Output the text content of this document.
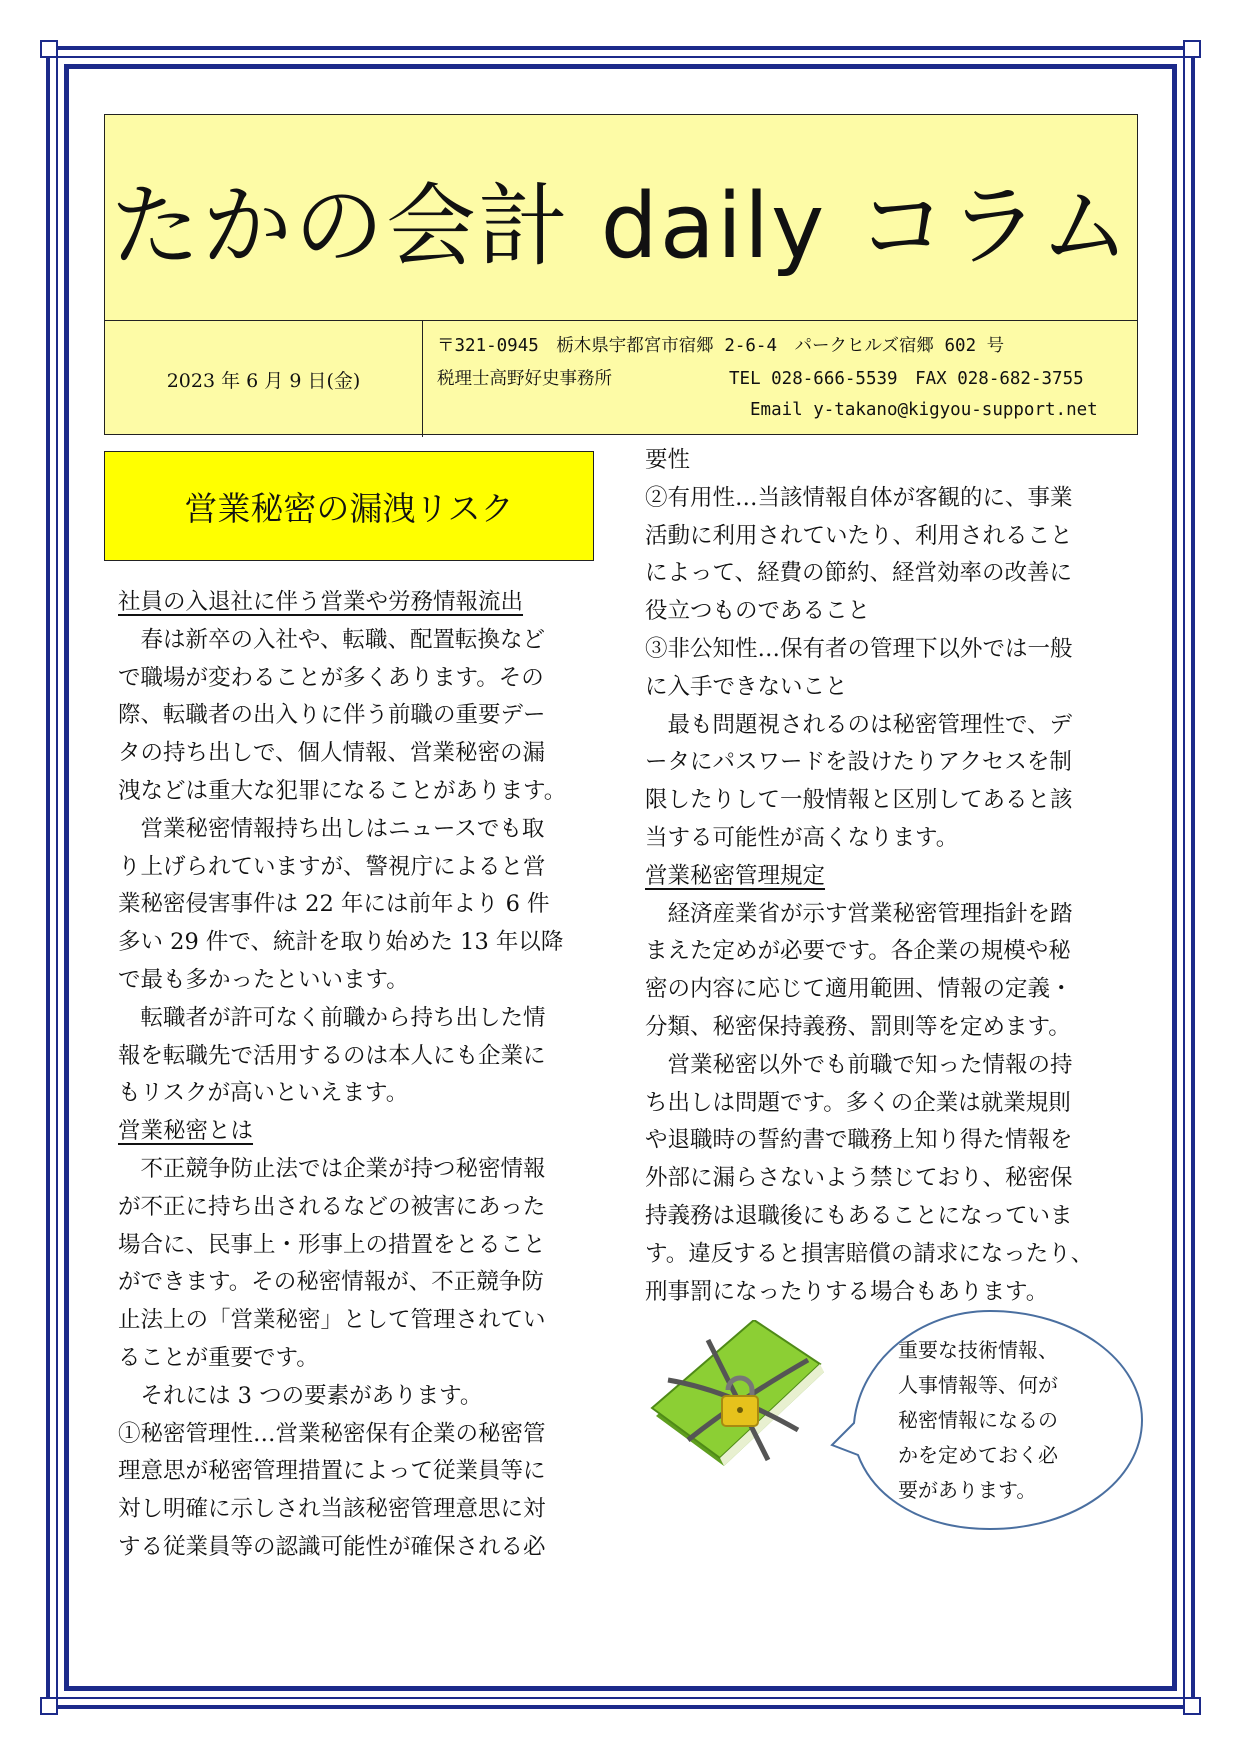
たかの会計 daily コラム
2023 年 6 月 9 日(金)
〒321-0945　栃木県宇都宮市宿郷 2-6-4　パークヒルズ宿郷 602 号
税理士高野好史事務所	TEL 028-666-5539　FAX 028-682-3755
Email y-takano@kigyou-support.net
営業秘密の漏洩リスク

社員の入退社に伴う営業や労務情報流出

　春は新卒の入社や、転職、配置転換など

で職場が変わることが多くあります。その

際、転職者の出入りに伴う前職の重要デー

タの持ち出しで、個人情報、営業秘密の漏

洩などは重大な犯罪になることがあります。

　営業秘密情報持ち出しはニュースでも取

り上げられていますが、警視庁によると営

業秘密侵害事件は 22 年には前年より 6 件

多い 29 件で、統計を取り始めた 13 年以降

で最も多かったといいます。

　転職者が許可なく前職から持ち出した情

報を転職先で活用するのは本人にも企業に

もリスクが高いといえます。

営業秘密とは

　不正競争防止法では企業が持つ秘密情報

が不正に持ち出されるなどの被害にあった

場合に、民事上・形事上の措置をとること

ができます。その秘密情報が、不正競争防

止法上の「営業秘密」として管理されてい

ることが重要です。

　それには 3 つの要素があります。

①秘密管理性…営業秘密保有企業の秘密管

理意思が秘密管理措置によって従業員等に

対し明確に示しされ当該秘密管理意思に対

する従業員等の認識可能性が確保される必

要性

②有用性…当該情報自体が客観的に、事業

活動に利用されていたり、利用されること

によって、経費の節約、経営効率の改善に

役立つものであること

③非公知性…保有者の管理下以外では一般

に入手できないこと

　最も問題視されるのは秘密管理性で、デ

ータにパスワードを設けたりアクセスを制

限したりして一般情報と区別してあると該

当する可能性が高くなります。

営業秘密管理規定

　経済産業省が示す営業秘密管理指針を踏

まえた定めが必要です。各企業の規模や秘

密の内容に応じて適用範囲、情報の定義・

分類、秘密保持義務、罰則等を定めます。

　営業秘密以外でも前職で知った情報の持

ち出しは問題です。多くの企業は就業規則

や退職時の誓約書で職務上知り得た情報を

外部に漏らさないよう禁じており、秘密保

持義務は退職後にもあることになっていま

す。違反すると損害賠償の請求になったり、

刑事罰になったりする場合もあります。

重要な技術情報、

人事情報等、何が

秘密情報になるの

かを定めておく必

要があります。
